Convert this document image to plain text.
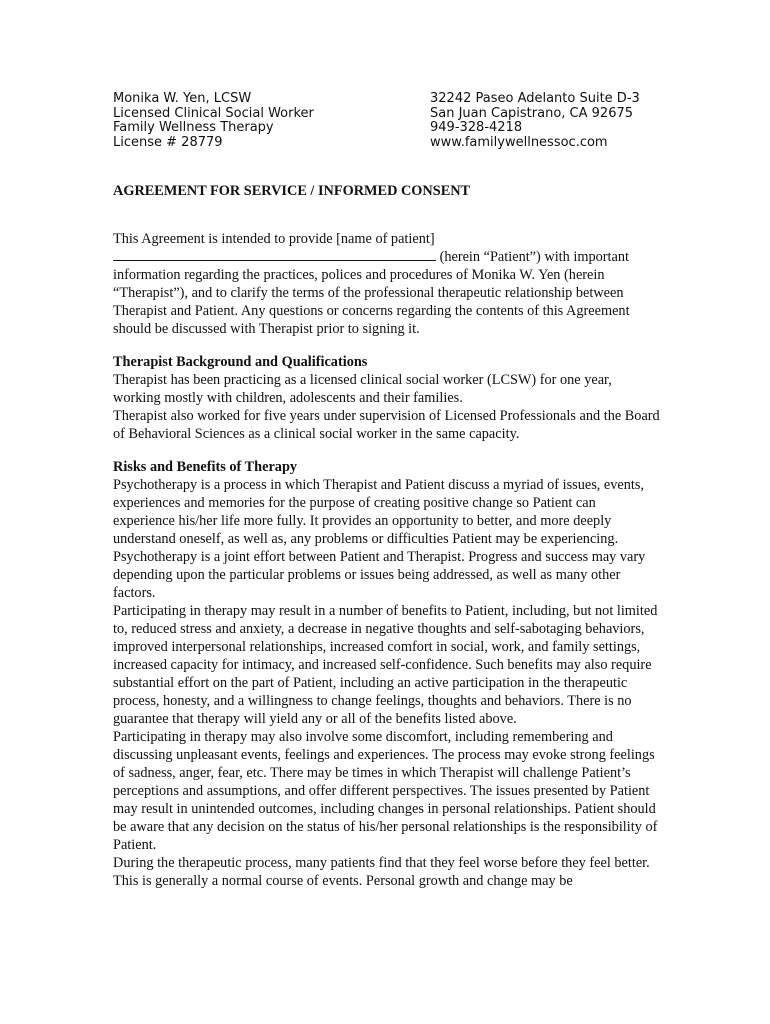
Monika W. Yen, LCSW
Licensed Clinical Social Worker
Family Wellness Therapy
License # 28779
32242 Paseo Adelanto Suite D-3
San Juan Capistrano, CA 92675
949-328-4218
www.familywellnessoc.com
AGREEMENT FOR SERVICE / INFORMED CONSENT
This Agreement is intended to provide [name of patient]
(herein “Patient”) with important information regarding the practices, polices and procedures of Monika W. Yen (herein “Therapist”), and to clarify the terms of the professional therapeutic relationship between Therapist and Patient. Any questions or concerns regarding the contents of this Agreement should be discussed with Therapist prior to signing it.
Therapist Background and Qualifications
Therapist has been practicing as a licensed clinical social worker (LCSW) for one year, working mostly with children, adolescents and their families.
Therapist also worked for five years under supervision of Licensed Professionals and the Board of Behavioral Sciences as a clinical social worker in the same capacity.
Risks and Benefits of Therapy
Psychotherapy is a process in which Therapist and Patient discuss a myriad of issues, events, experiences and memories for the purpose of creating positive change so Patient can experience his/her life more fully. It provides an opportunity to better, and more deeply understand oneself, as well as, any problems or difficulties Patient may be experiencing. Psychotherapy is a joint effort between Patient and Therapist. Progress and success may vary depending upon the particular problems or issues being addressed, as well as many other factors.
Participating in therapy may result in a number of benefits to Patient, including, but not limited to, reduced stress and anxiety, a decrease in negative thoughts and self-sabotaging behaviors, improved interpersonal relationships, increased comfort in social, work, and family settings, increased capacity for intimacy, and increased self-confidence. Such benefits may also require substantial effort on the part of Patient, including an active participation in the therapeutic process, honesty, and a willingness to change feelings, thoughts and behaviors. There is no guarantee that therapy will yield any or all of the benefits listed above.
Participating in therapy may also involve some discomfort, including remembering and discussing unpleasant events, feelings and experiences. The process may evoke strong feelings of sadness, anger, fear, etc. There may be times in which Therapist will challenge Patient’s perceptions and assumptions, and offer different perspectives. The issues presented by Patient may result in unintended outcomes, including changes in personal relationships. Patient should be aware that any decision on the status of his/her personal relationships is the responsibility of Patient.
During the therapeutic process, many patients find that they feel worse before they feel better. This is generally a normal course of events. Personal growth and change may be
